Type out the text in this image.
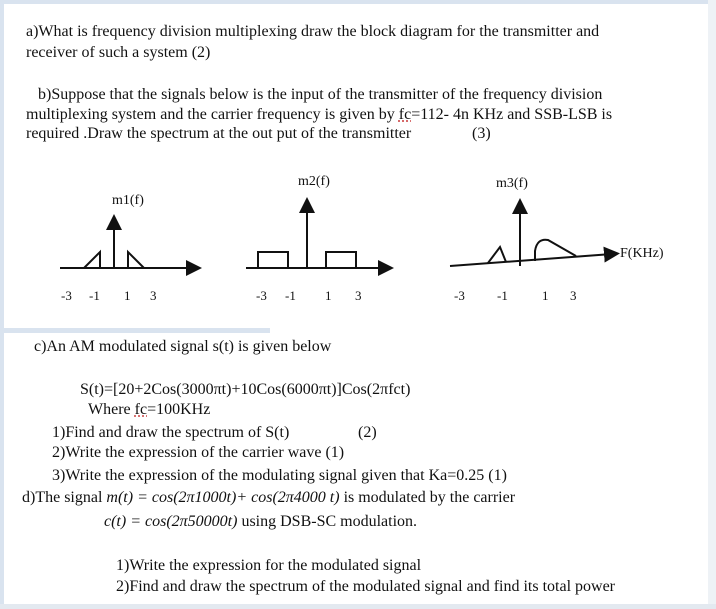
a)What is frequency division multiplexing draw the block diagram for the transmitter and
receiver of such a system (2)
b)Suppose that the signals below is the input of the transmitter of the frequency division
multiplexing system and the carrier frequency is given by fc=112- 4n KHz and SSB-LSB is
required .Draw the spectrum at the out put of the transmitter	(3)
m1(f)
m2(f)	m3(f)
F(KHz)
-3 -1 1 3	-3 -1 1 3	-3 -1	1 3
c)An AM modulated signal s(t) is given below
S(t)=[20+2Cos(3000πt)+10Cos(6000πt)]Cos(2πfct)
Where fc=100KHz
1)Find and draw the spectrum of S(t)	(2)
2)Write the expression of the carrier wave (1)
3)Write the expression of the modulating signal given that Ka=0.25 (1)
d)The signal m(t) = cos(2π1000t)+ cos(2π4000 t) is modulated by the carrier
c(t) = cos(2π50000t) using DSB-SC modulation.
1)Write the expression for the modulated signal
2)Find and draw the spectrum of the modulated signal and find its total power
